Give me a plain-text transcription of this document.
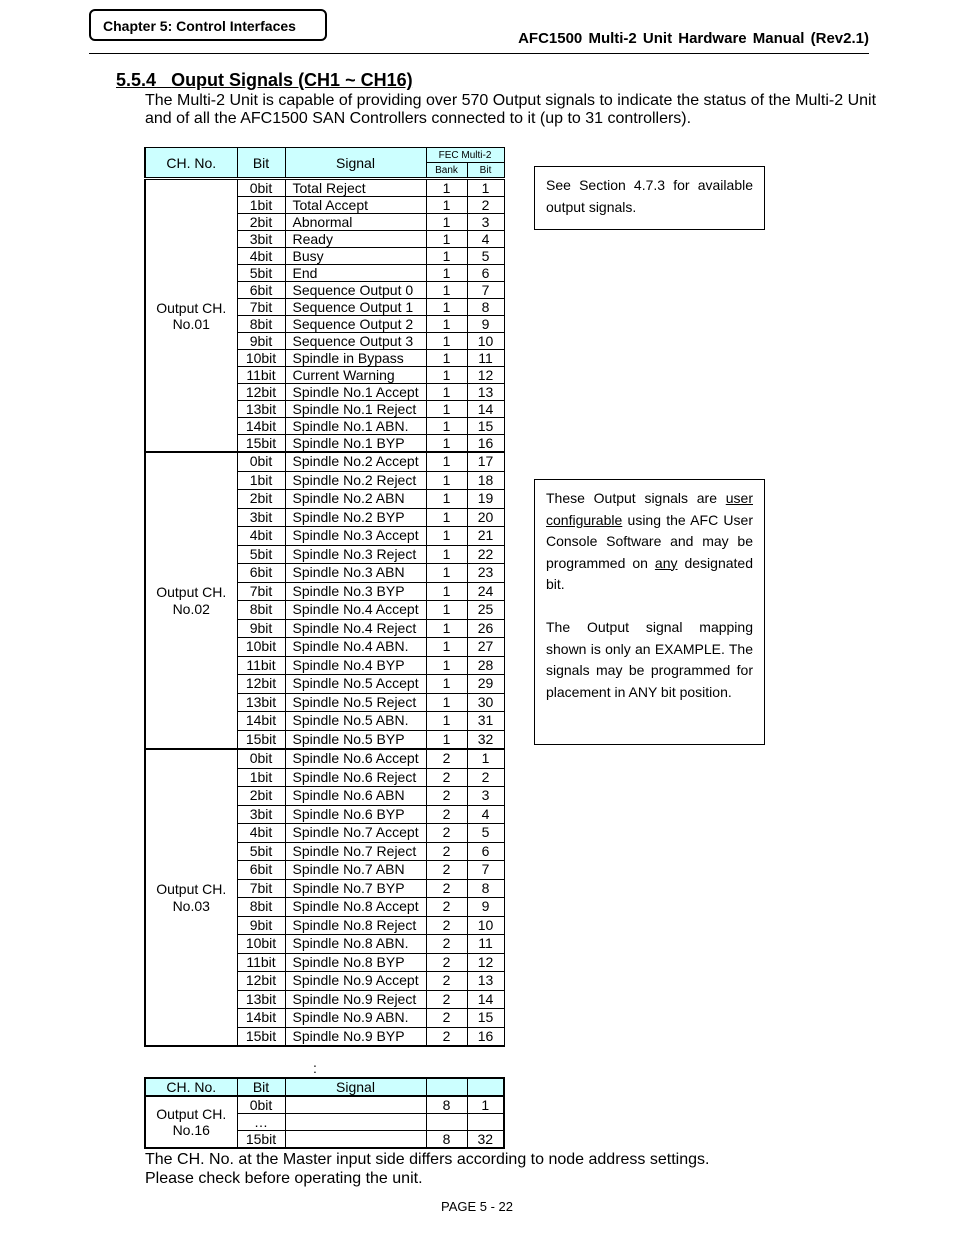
Chapter 5: Control Interfaces
AFC1500 Multi-2 Unit Hardware Manual (Rev2.1)
5.5.4 Ouput Signals (CH1 ~ CH16)
The Multi-2 Unit is capable of providing over 570 Output signals to indicate the status of the Multi-2 Unit and of all the AFC1500 SAN Controllers connected to it (up to 31 controllers).
CH. No.	Bit	Signal	FEC Multi-2	
			Bank	Bit

Output CH.
No.01	0bit	Total Reject	1	1
	1bit	Total Accept	1	2
	2bit	Abnormal	1	3
	3bit	Ready	1	4
	4bit	Busy	1	5
	5bit	End	1	6
	6bit	Sequence Output 0	1	7
	7bit	Sequence Output 1	1	8
	8bit	Sequence Output 2	1	9
	9bit	Sequence Output 3	1	10
	10bit	Spindle in Bypass	1	11
	11bit	Current Warning	1	12
	12bit	Spindle No.1 Accept	1	13
	13bit	Spindle No.1 Reject	1	14
	14bit	Spindle No.1 ABN.	1	15
	15bit	Spindle No.1 BYP	1	16

Output CH.
No.02	0bit	Spindle No.2 Accept	1	17
	1bit	Spindle No.2 Reject	1	18
	2bit	Spindle No.2 ABN	1	19
	3bit	Spindle No.2 BYP	1	20
	4bit	Spindle No.3 Accept	1	21
	5bit	Spindle No.3 Reject	1	22
	6bit	Spindle No.3 ABN	1	23
	7bit	Spindle No.3 BYP	1	24
	8bit	Spindle No.4 Accept	1	25
	9bit	Spindle No.4 Reject	1	26
	10bit	Spindle No.4 ABN.	1	27
	11bit	Spindle No.4 BYP	1	28
	12bit	Spindle No.5 Accept	1	29
	13bit	Spindle No.5 Reject	1	30
	14bit	Spindle No.5 ABN.	1	31
	15bit	Spindle No.5 BYP	1	32

Output CH.
No.03	0bit	Spindle No.6 Accept	2	1
	1bit	Spindle No.6 Reject	2	2
	2bit	Spindle No.6 ABN	2	3
	3bit	Spindle No.6 BYP	2	4
	4bit	Spindle No.7 Accept	2	5
	5bit	Spindle No.7 Reject	2	6
	6bit	Spindle No.7 ABN	2	7
	7bit	Spindle No.7 BYP	2	8
	8bit	Spindle No.8 Accept	2	9
	9bit	Spindle No.8 Reject	2	10
	10bit	Spindle No.8 ABN.	2	11
	11bit	Spindle No.8 BYP	2	12
	12bit	Spindle No.9 Accept	2	13
	13bit	Spindle No.9 Reject	2	14
	14bit	Spindle No.9 ABN.	2	15
	15bit	Spindle No.9 BYP	2	16
:
CH. No.	Bit	Signal		

Output CH.
No.16	0bit		8	1
	…			
	15bit		8	32

See Section 4.7.3 for available output signals.

These Output signals are user configurable using the AFC User Console Software and may be programmed on any designated bit.

The Output signal mapping shown is only an EXAMPLE. The signals may be programmed for placement in ANY bit position.

The CH. No. at the Master input side differs according to node address settings.
Please check before operating the unit.
PAGE 5 - 22
